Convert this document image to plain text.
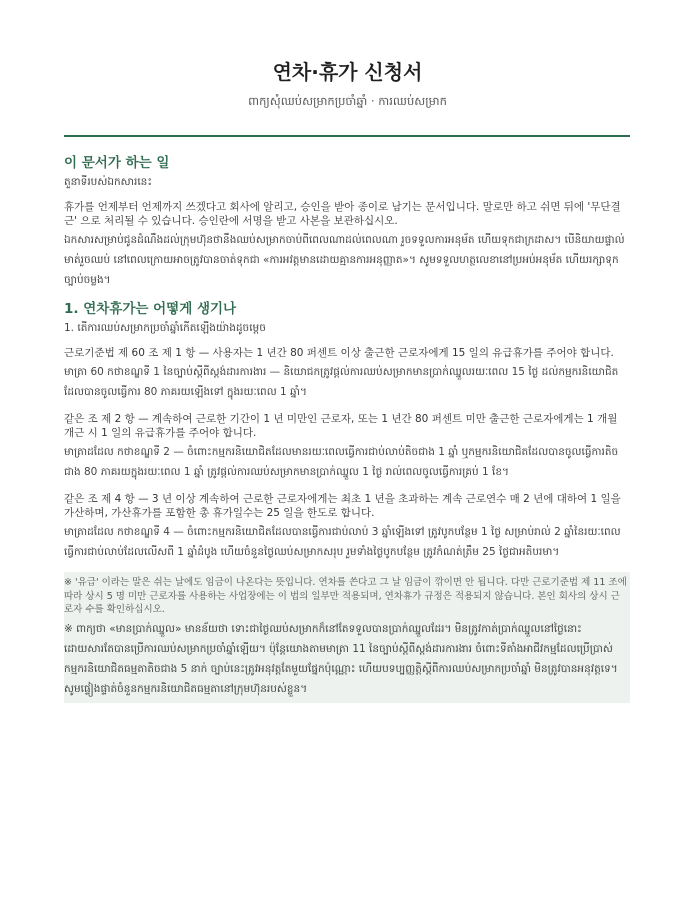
연차·휴가 신청서
ពាក្យសុំឈប់សម្រាកប្រចាំឆ្នាំ · ការឈប់សម្រាក

이 문서가 하는 일

តួនាទីរបស់ឯកសារនេះ

휴가를 언제부터 언제까지 쓰겠다고 회사에 알리고, 승인을 받아 종이로 남기는 문서입니다. 말로만 하고 쉬면 뒤에 '무단결근' 으로 처리될 수 있습니다. 승인란에 서명을 받고 사본을 보관하십시오.

ឯកសារសម្រាប់ជូនដំណឹងដល់ក្រុមហ៊ុនថានឹងឈប់សម្រាកចាប់ពីពេលណាដល់ពេលណា រួចទទួលការអនុម័ត ហើយទុកជាក្រដាស។ បើនិយាយផ្ទាល់មាត់រួចឈប់ នៅពេលក្រោយអាចត្រូវបានចាត់ទុកជា «ការអវត្តមានដោយគ្មានការអនុញ្ញាត»។ សូមទទួលហត្ថលេខានៅប្រអប់អនុម័ត ហើយរក្សាទុកច្បាប់ចម្លង។

1. 연차휴가는 어떻게 생기나

1. តើការឈប់សម្រាកប្រចាំឆ្នាំកើតឡើងយ៉ាងដូចម្តេច

근로기준법 제 60 조 제 1 항 — 사용자는 1 년간 80 퍼센트 이상 출근한 근로자에게 15 일의 유급휴가를 주어야 합니다.

មាត្រា 60 កថាខណ្ឌទី 1 នៃច្បាប់ស្តីពីស្តង់ដារការងារ — និយោជកត្រូវផ្តល់ការឈប់សម្រាកមានប្រាក់ឈ្នួលរយៈពេល 15 ថ្ងៃ ដល់កម្មករនិយោជិតដែលបានចូលធ្វើការ 80 ភាគរយឡើងទៅ ក្នុងរយៈពេល 1 ឆ្នាំ។

같은 조 제 2 항 — 계속하여 근로한 기간이 1 년 미만인 근로자, 또는 1 년간 80 퍼센트 미만 출근한 근로자에게는 1 개월 개근 시 1 일의 유급휴가를 주어야 합니다.

មាត្រាដដែល កថាខណ្ឌទី 2 — ចំពោះកម្មករនិយោជិតដែលមានរយៈពេលធ្វើការជាប់លាប់តិចជាង 1 ឆ្នាំ ឬកម្មករនិយោជិតដែលបានចូលធ្វើការតិចជាង 80 ភាគរយក្នុងរយៈពេល 1 ឆ្នាំ ត្រូវផ្តល់ការឈប់សម្រាកមានប្រាក់ឈ្នួល 1 ថ្ងៃ រាល់ពេលចូលធ្វើការគ្រប់ 1 ខែ។

같은 조 제 4 항 — 3 년 이상 계속하여 근로한 근로자에게는 최초 1 년을 초과하는 계속 근로연수 매 2 년에 대하여 1 일을 가산하며, 가산휴가를 포함한 총 휴가일수는 25 일을 한도로 합니다.

មាត្រាដដែល កថាខណ្ឌទី 4 — ចំពោះកម្មករនិយោជិតដែលបានធ្វើការជាប់លាប់ 3 ឆ្នាំឡើងទៅ ត្រូវបូកបន្ថែម 1 ថ្ងៃ សម្រាប់រាល់ 2 ឆ្នាំនៃរយៈពេលធ្វើការជាប់លាប់ដែលលើសពី 1 ឆ្នាំដំបូង ហើយចំនួនថ្ងៃឈប់សម្រាកសរុប រួមទាំងថ្ងៃបូកបន្ថែម ត្រូវកំណត់ត្រឹម 25 ថ្ងៃជាអតិបរមា។

※ '유급' 이라는 말은 쉬는 날에도 임금이 나온다는 뜻입니다. 연차를 쓴다고 그 날 임금이 깎이면 안 됩니다. 다만 근로기준법 제 11 조에 따라 상시 5 명 미만 근로자를 사용하는 사업장에는 이 법의 일부만 적용되며, 연차휴가 규정은 적용되지 않습니다. 본인 회사의 상시 근로자 수를 확인하십시오.

※ ពាក្យថា «មានប្រាក់ឈ្នួល» មានន័យថា ទោះជាថ្ងៃឈប់សម្រាកក៏នៅតែទទួលបានប្រាក់ឈ្នួលដែរ។ មិនត្រូវកាត់ប្រាក់ឈ្នួលនៅថ្ងៃនោះ ដោយសារតែបានប្រើការឈប់សម្រាកប្រចាំឆ្នាំឡើយ។ ប៉ុន្តែយោងតាមមាត្រា 11 នៃច្បាប់ស្តីពីស្តង់ដារការងារ ចំពោះទីតាំងអាជីវកម្មដែលប្រើប្រាស់កម្មករនិយោជិតធម្មតាតិចជាង 5 នាក់ ច្បាប់នេះត្រូវអនុវត្តតែមួយផ្នែកប៉ុណ្ណោះ ហើយបទប្បញ្ញត្តិស្តីពីការឈប់សម្រាកប្រចាំឆ្នាំ មិនត្រូវបានអនុវត្តទេ។ សូមផ្ទៀងផ្ទាត់ចំនួនកម្មករនិយោជិតធម្មតានៅក្រុមហ៊ុនរបស់ខ្លួន។
